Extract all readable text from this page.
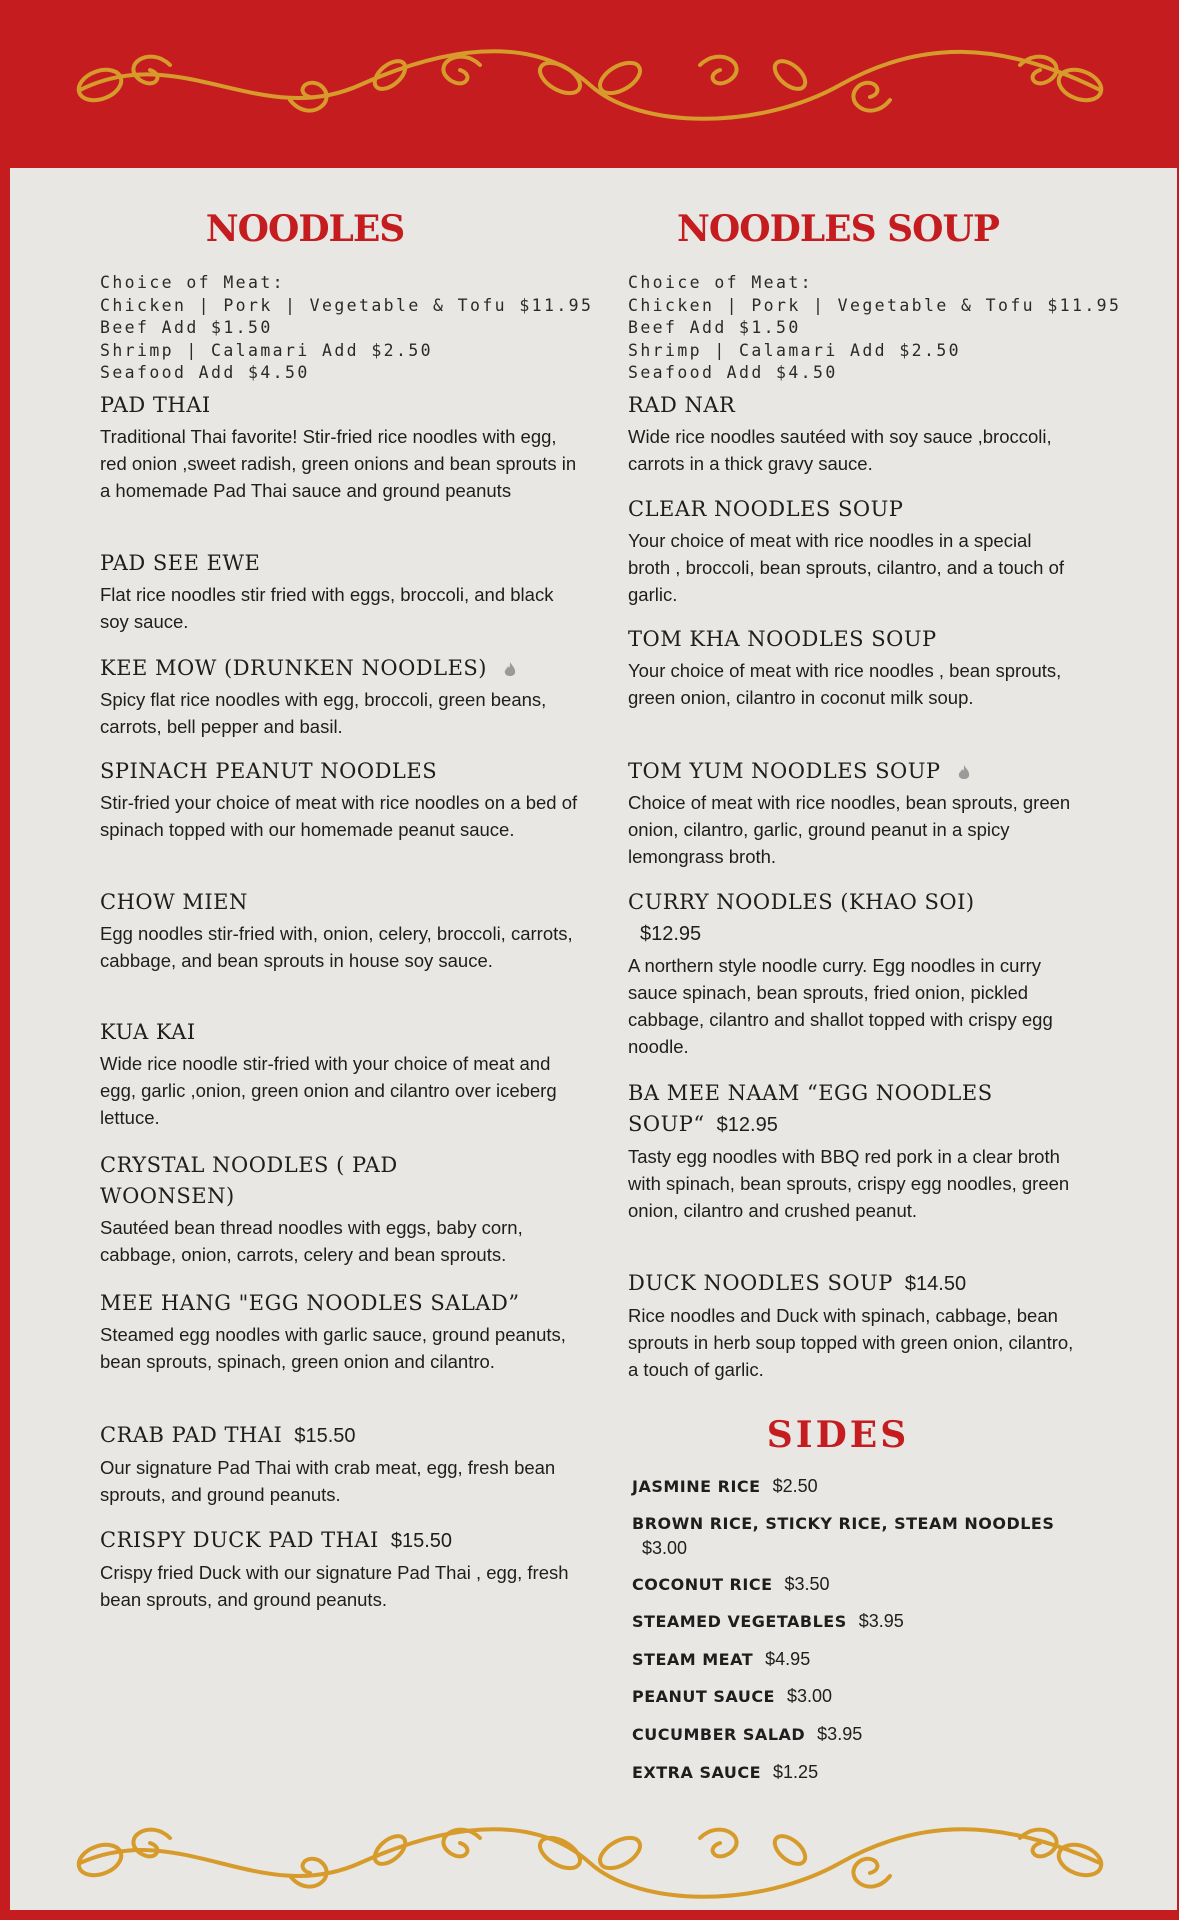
NOODLES
Choice of Meat:
Chicken | Pork | Vegetable & Tofu $11.95
Beef Add $1.50
Shrimp | Calamari Add $2.50
Seafood Add $4.50

PAD THAI

Traditional Thai favorite! Stir-fried rice noodles with egg, red onion ,sweet radish, green onions and bean sprouts in a homemade Pad Thai sauce and ground peanuts

PAD SEE EWE

Flat rice noodles stir fried with eggs, broccoli, and black soy sauce.

KEE MOW (DRUNKEN NOODLES)

Spicy flat rice noodles with egg, broccoli, green beans, carrots, bell pepper and basil.

SPINACH PEANUT NOODLES

Stir-fried your choice of meat with rice noodles on a bed of spinach topped with our homemade peanut sauce.

CHOW MIEN

Egg noodles stir-fried with, onion, celery, broccoli, carrots, cabbage, and bean sprouts in house soy sauce.

KUA KAI

Wide rice noodle stir-fried with your choice of meat and egg, garlic ,onion, green onion and cilantro over iceberg lettuce.

CRYSTAL NOODLES ( PAD WOONSEN)

Sautéed bean thread noodles with eggs, baby corn, cabbage, onion, carrots, celery and bean sprouts.

MEE HANG "EGG NOODLES SALAD”

Steamed egg noodles with garlic sauce, ground peanuts, bean sprouts, spinach, green onion and cilantro.

CRAB PAD THAI $15.50

Our signature Pad Thai with crab meat, egg, fresh bean sprouts, and ground peanuts.

CRISPY DUCK PAD THAI $15.50

Crispy fried Duck with our signature Pad Thai , egg, fresh bean sprouts, and ground peanuts.

NOODLES SOUP
Choice of Meat:
Chicken | Pork | Vegetable & Tofu $11.95
Beef Add $1.50
Shrimp | Calamari Add $2.50
Seafood Add $4.50

RAD NAR

Wide rice noodles sautéed with soy sauce ,broccoli, carrots in a thick gravy sauce.

CLEAR NOODLES SOUP

Your choice of meat with rice noodles in a special broth , broccoli, bean sprouts, cilantro, and a touch of garlic.

TOM KHA NOODLES SOUP

Your choice of meat with rice noodles , bean sprouts, green onion, cilantro in coconut milk soup.

TOM YUM NOODLES SOUP

Choice of meat with rice noodles, bean sprouts, green onion, cilantro, garlic, ground peanut in a spicy lemongrass broth.

CURRY NOODLES (KHAO SOI)

$12.95

A northern style noodle curry. Egg noodles in curry sauce spinach, bean sprouts, fried onion, pickled cabbage, cilantro and shallot topped with crispy egg noodle.

BA MEE NAAM “EGG NOODLES SOUP“ $12.95

Tasty egg noodles with BBQ red pork in a clear broth with spinach, bean sprouts, crispy egg noodles, green onion, cilantro and crushed peanut.

DUCK NOODLES SOUP $14.50

Rice noodles and Duck with spinach, cabbage, bean sprouts in herb soup topped with green onion, cilantro, a touch of garlic.

SIDES
JASMINE RICE $2.50
BROWN RICE, STICKY RICE, STEAM NOODLES
$3.00
COCONUT RICE $3.50
STEAMED VEGETABLES $3.95
STEAM MEAT $4.95
PEANUT SAUCE $3.00
CUCUMBER SALAD $3.95
EXTRA SAUCE $1.25
